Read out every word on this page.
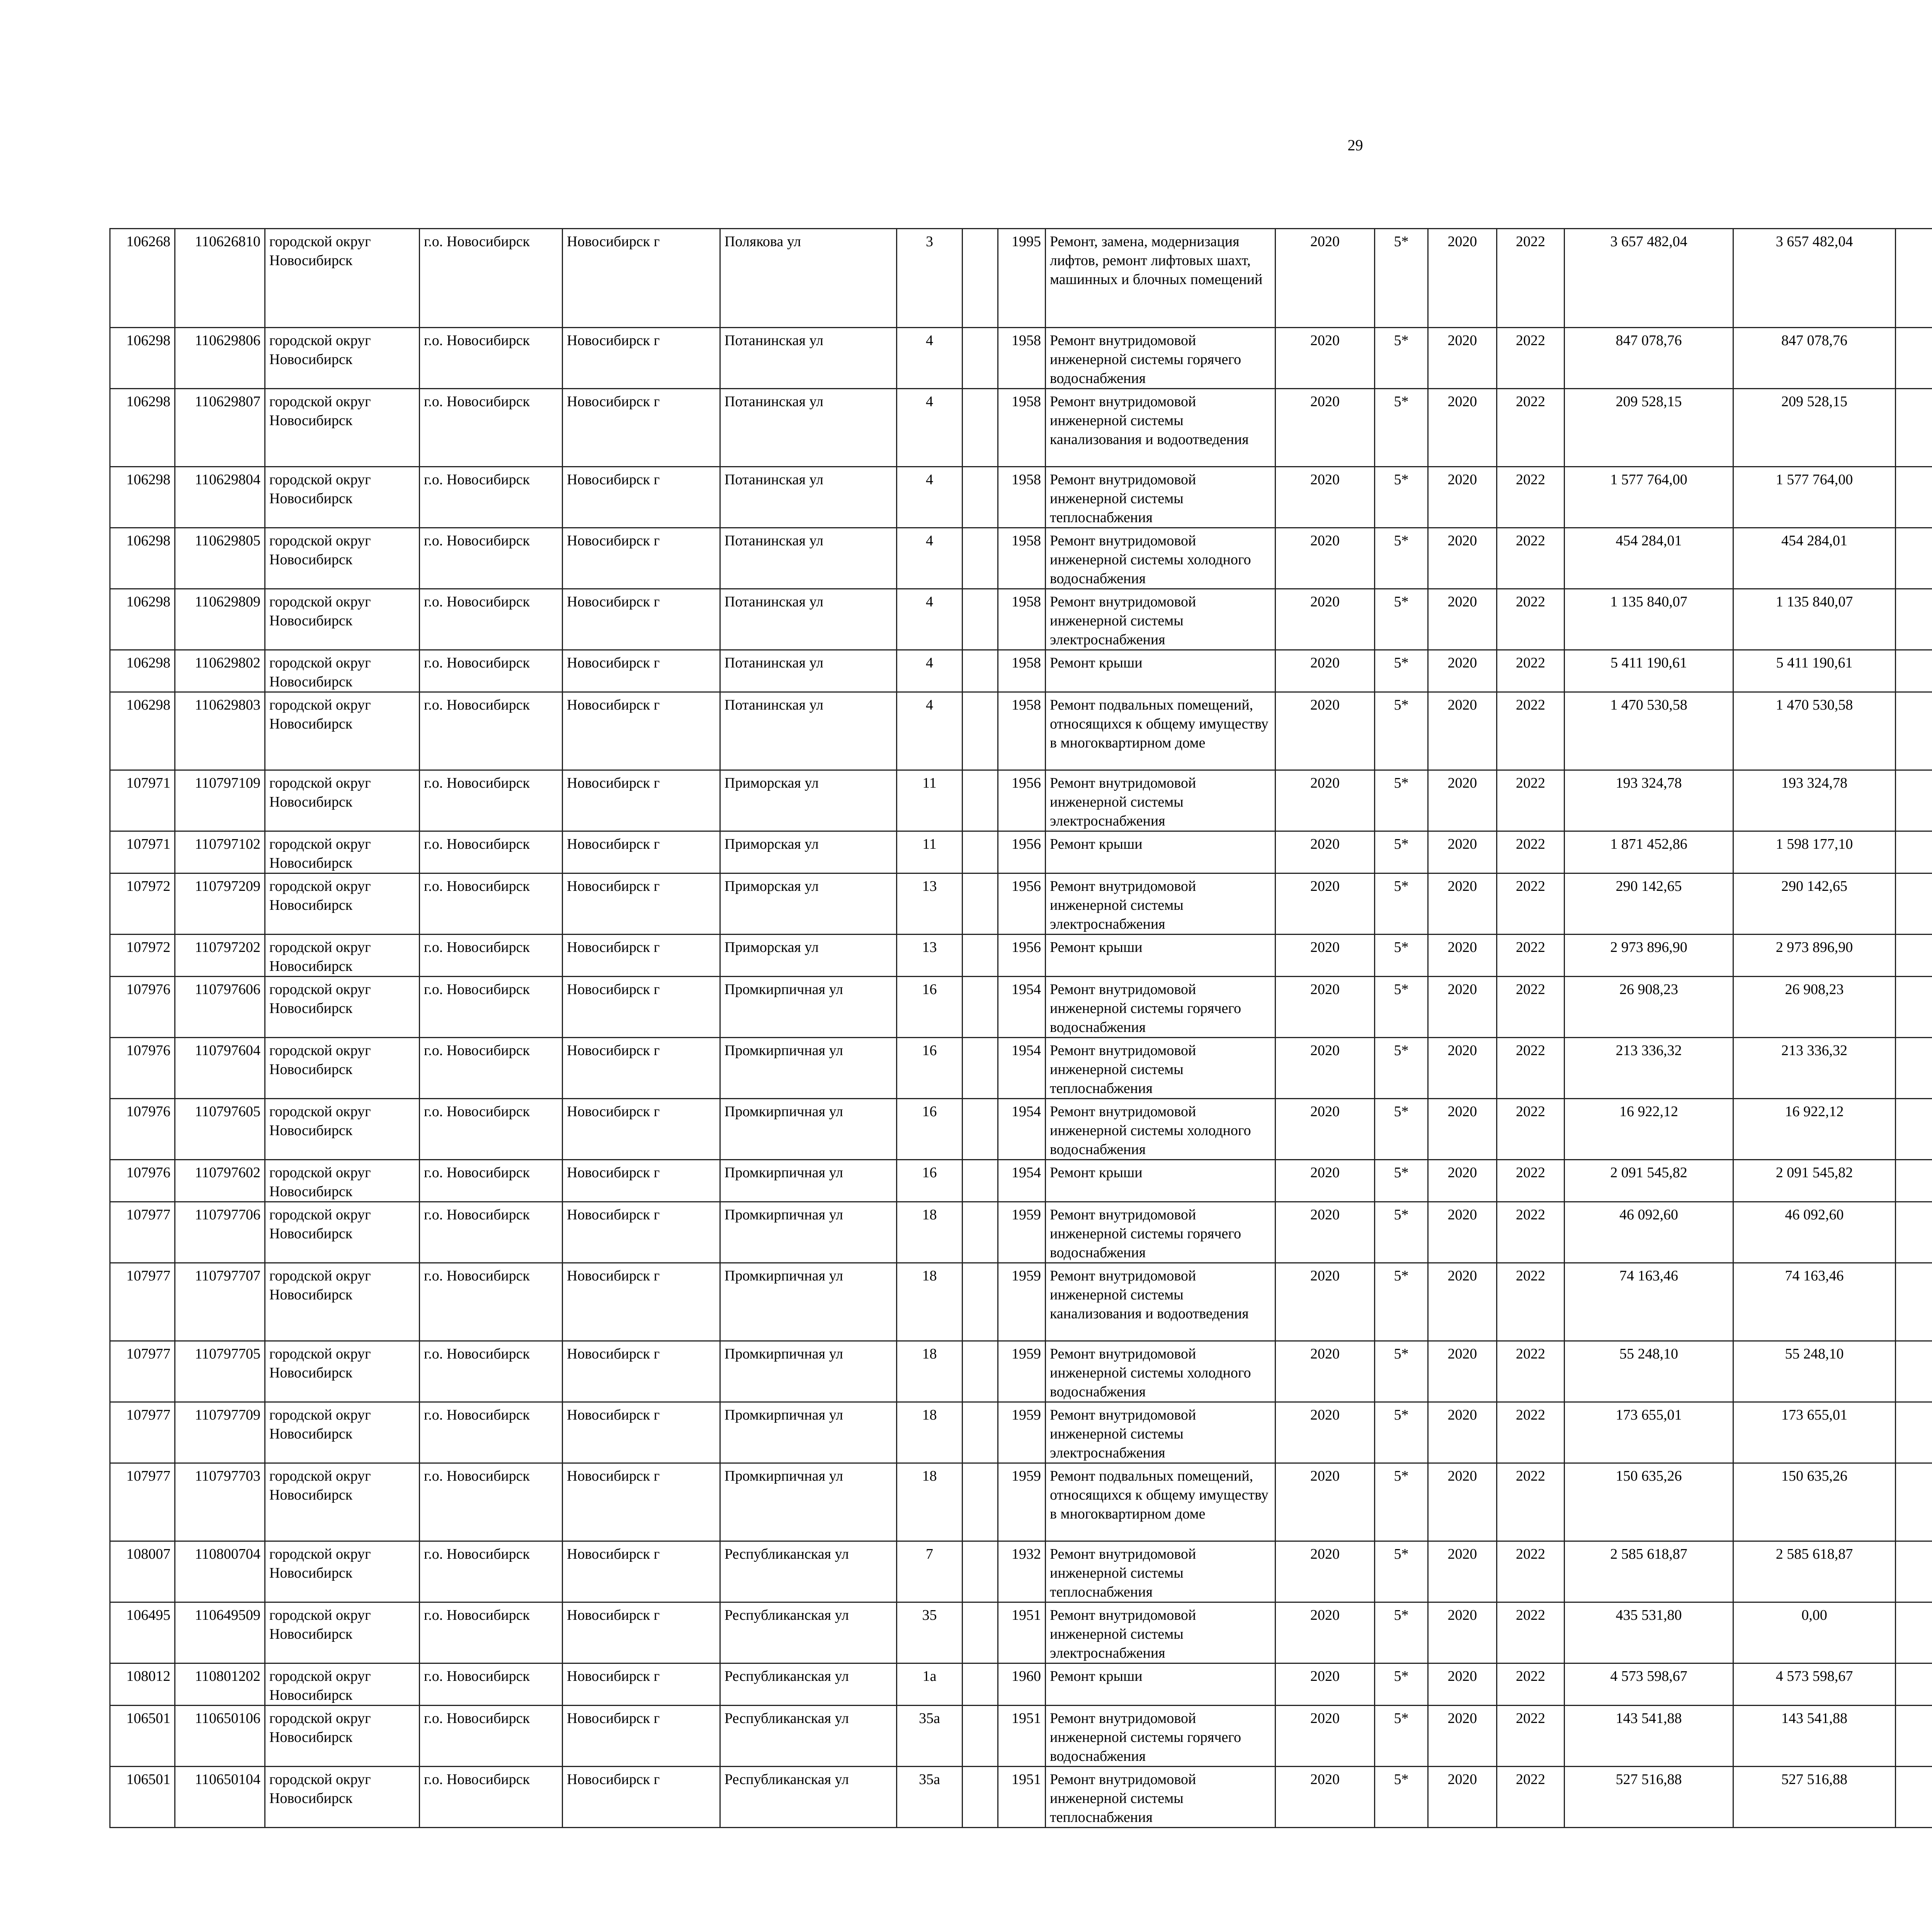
29
106268	110626810	городской округ Новосибирск	г.о. Новосибирск	Новосибирск г	Полякова ул	3		1995	Ремонт, замена, модернизация лифтов, ремонт лифтовых шахт, машинных и блочных помещений	2020	5*	2020	2022	3 657 482,04	3 657 482,04						
106298	110629806	городской округ Новосибирск	г.о. Новосибирск	Новосибирск г	Потанинская ул	4		1958	Ремонт внутридомовой инженерной системы горячего водоснабжения	2020	5*	2020	2022	847 078,76	847 078,76						
106298	110629807	городской округ Новосибирск	г.о. Новосибирск	Новосибирск г	Потанинская ул	4		1958	Ремонт внутридомовой инженерной системы канализования и водоотведения	2020	5*	2020	2022	209 528,15	209 528,15						
106298	110629804	городской округ Новосибирск	г.о. Новосибирск	Новосибирск г	Потанинская ул	4		1958	Ремонт внутридомовой инженерной системы теплоснабжения	2020	5*	2020	2022	1 577 764,00	1 577 764,00						
106298	110629805	городской округ Новосибирск	г.о. Новосибирск	Новосибирск г	Потанинская ул	4		1958	Ремонт внутридомовой инженерной системы холодного водоснабжения	2020	5*	2020	2022	454 284,01	454 284,01						
106298	110629809	городской округ Новосибирск	г.о. Новосибирск	Новосибирск г	Потанинская ул	4		1958	Ремонт внутридомовой инженерной системы электроснабжения	2020	5*	2020	2022	1 135 840,07	1 135 840,07						
106298	110629802	городской округ Новосибирск	г.о. Новосибирск	Новосибирск г	Потанинская ул	4		1958	Ремонт крыши	2020	5*	2020	2022	5 411 190,61	5 411 190,61						
106298	110629803	городской округ Новосибирск	г.о. Новосибирск	Новосибирск г	Потанинская ул	4		1958	Ремонт подвальных помещений, относящихся к общему имуществу в многоквартирном доме	2020	5*	2020	2022	1 470 530,58	1 470 530,58						
107971	110797109	городской округ Новосибирск	г.о. Новосибирск	Новосибирск г	Приморская ул	11		1956	Ремонт внутридомовой инженерной системы электроснабжения	2020	5*	2020	2022	193 324,78	193 324,78						
107971	110797102	городской округ Новосибирск	г.о. Новосибирск	Новосибирск г	Приморская ул	11		1956	Ремонт крыши	2020	5*	2020	2022	1 871 452,86	1 598 177,10						
107972	110797209	городской округ Новосибирск	г.о. Новосибирск	Новосибирск г	Приморская ул	13		1956	Ремонт внутридомовой инженерной системы электроснабжения	2020	5*	2020	2022	290 142,65	290 142,65						
107972	110797202	городской округ Новосибирск	г.о. Новосибирск	Новосибирск г	Приморская ул	13		1956	Ремонт крыши	2020	5*	2020	2022	2 973 896,90	2 973 896,90						
107976	110797606	городской округ Новосибирск	г.о. Новосибирск	Новосибирск г	Промкирпичная ул	16		1954	Ремонт внутридомовой инженерной системы горячего водоснабжения	2020	5*	2020	2022	26 908,23	26 908,23						
107976	110797604	городской округ Новосибирск	г.о. Новосибирск	Новосибирск г	Промкирпичная ул	16		1954	Ремонт внутридомовой инженерной системы теплоснабжения	2020	5*	2020	2022	213 336,32	213 336,32						
107976	110797605	городской округ Новосибирск	г.о. Новосибирск	Новосибирск г	Промкирпичная ул	16		1954	Ремонт внутридомовой инженерной системы холодного водоснабжения	2020	5*	2020	2022	16 922,12	16 922,12						
107976	110797602	городской округ Новосибирск	г.о. Новосибирск	Новосибирск г	Промкирпичная ул	16		1954	Ремонт крыши	2020	5*	2020	2022	2 091 545,82	2 091 545,82						
107977	110797706	городской округ Новосибирск	г.о. Новосибирск	Новосибирск г	Промкирпичная ул	18		1959	Ремонт внутридомовой инженерной системы горячего водоснабжения	2020	5*	2020	2022	46 092,60	46 092,60						
107977	110797707	городской округ Новосибирск	г.о. Новосибирск	Новосибирск г	Промкирпичная ул	18		1959	Ремонт внутридомовой инженерной системы канализования и водоотведения	2020	5*	2020	2022	74 163,46	74 163,46						
107977	110797705	городской округ Новосибирск	г.о. Новосибирск	Новосибирск г	Промкирпичная ул	18		1959	Ремонт внутридомовой инженерной системы холодного водоснабжения	2020	5*	2020	2022	55 248,10	55 248,10						
107977	110797709	городской округ Новосибирск	г.о. Новосибирск	Новосибирск г	Промкирпичная ул	18		1959	Ремонт внутридомовой инженерной системы электроснабжения	2020	5*	2020	2022	173 655,01	173 655,01						
107977	110797703	городской округ Новосибирск	г.о. Новосибирск	Новосибирск г	Промкирпичная ул	18		1959	Ремонт подвальных помещений, относящихся к общему имуществу в многоквартирном доме	2020	5*	2020	2022	150 635,26	150 635,26						
108007	110800704	городской округ Новосибирск	г.о. Новосибирск	Новосибирск г	Республиканская ул	7		1932	Ремонт внутридомовой инженерной системы теплоснабжения	2020	5*	2020	2022	2 585 618,87	2 585 618,87						
106495	110649509	городской округ Новосибирск	г.о. Новосибирск	Новосибирск г	Республиканская ул	35		1951	Ремонт внутридомовой инженерной системы электроснабжения	2020	5*	2020	2022	435 531,80	0,00						
108012	110801202	городской округ Новосибирск	г.о. Новосибирск	Новосибирск г	Республиканская ул	1а		1960	Ремонт крыши	2020	5*	2020	2022	4 573 598,67	4 573 598,67						
106501	110650106	городской округ Новосибирск	г.о. Новосибирск	Новосибирск г	Республиканская ул	35а		1951	Ремонт внутридомовой инженерной системы горячего водоснабжения	2020	5*	2020	2022	143 541,88	143 541,88						
106501	110650104	городской округ Новосибирск	г.о. Новосибирск	Новосибирск г	Республиканская ул	35а		1951	Ремонт внутридомовой инженерной системы теплоснабжения	2020	5*	2020	2022	527 516,88	527 516,88						
